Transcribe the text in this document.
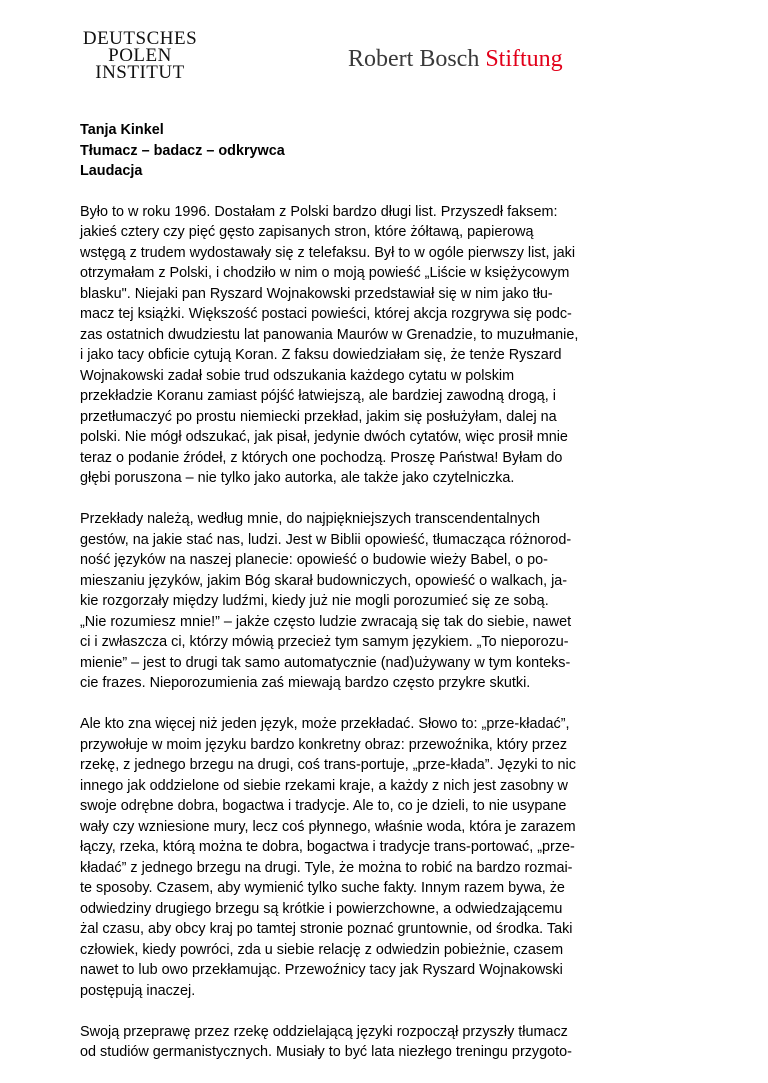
DEUTSCHES
POLEN
INSTITUT
Robert Bosch Stiftung
Tanja Kinkel
Tłumacz – badacz – odkrywca
Laudacja
Było to w roku 1996. Dostałam z Polski bardzo długi list. Przyszedł faksem:
jakieś cztery czy pięć gęsto zapisanych stron, które żółtawą, papierową
wstęgą z trudem wydostawały się z telefaksu. Był to w ogóle pierwszy list, jaki
otrzymałam z Polski, i chodziło w nim o moją powieść „Liście w księżycowym
blasku". Niejaki pan Ryszard Wojnakowski przedstawiał się w nim jako tłu-
macz tej książki. Większość postaci powieści, której akcja rozgrywa się podc-
zas ostatnich dwudziestu lat panowania Maurów w Grenadzie, to muzułmanie,
i jako tacy obficie cytują Koran. Z faksu dowiedziałam się, że tenże Ryszard
Wojnakowski zadał sobie trud odszukania każdego cytatu w polskim
przekładzie Koranu zamiast pójść łatwiejszą, ale bardziej zawodną drogą, i
przetłumaczyć po prostu niemiecki przekład, jakim się posłużyłam, dalej na
polski. Nie mógł odszukać, jak pisał, jedynie dwóch cytatów, więc prosił mnie
teraz o podanie źródeł, z których one pochodzą. Proszę Państwa! Byłam do
głębi poruszona – nie tylko jako autorka, ale także jako czytelniczka.
Przekłady należą, według mnie, do najpiękniejszych transcendentalnych
gestów, na jakie stać nas, ludzi. Jest w Biblii opowieść, tłumacząca różnorod-
ność języków na naszej planecie: opowieść o budowie wieży Babel, o po-
mieszaniu języków, jakim Bóg skarał budowniczych, opowieść o walkach, ja-
kie rozgorzały między ludźmi, kiedy już nie mogli porozumieć się ze sobą.
„Nie rozumiesz mnie!” – jakże często ludzie zwracają się tak do siebie, nawet
ci i zwłaszcza ci, którzy mówią przecież tym samym językiem. „To nieporozu-
mienie” – jest to drugi tak samo automatycznie (nad)używany w tym konteks-
cie frazes. Nieporozumienia zaś miewają bardzo często przykre skutki.
Ale kto zna więcej niż jeden język, może przekładać. Słowo to: „prze-kładać”,
przywołuje w moim języku bardzo konkretny obraz: przewoźnika, który przez
rzekę, z jednego brzegu na drugi, coś trans-portuje, „prze-kłada”. Języki to nic
innego jak oddzielone od siebie rzekami kraje, a każdy z nich jest zasobny w
swoje odrębne dobra, bogactwa i tradycje. Ale to, co je dzieli, to nie usypane
wały czy wzniesione mury, lecz coś płynnego, właśnie woda, która je zarazem
łączy, rzeka, którą można te dobra, bogactwa i tradycje trans-portować, „prze-
kładać” z jednego brzegu na drugi. Tyle, że można to robić na bardzo rozmai-
te sposoby. Czasem, aby wymienić tylko suche fakty. Innym razem bywa, że
odwiedziny drugiego brzegu są krótkie i powierzchowne, a odwiedzającemu
żal czasu, aby obcy kraj po tamtej stronie poznać gruntownie, od środka. Taki
człowiek, kiedy powróci, zda u siebie relację z odwiedzin pobieżnie, czasem
nawet to lub owo przekłamując. Przewoźnicy tacy jak Ryszard Wojnakowski
postępują inaczej.
Swoją przeprawę przez rzekę oddzielającą języki rozpoczął przyszły tłumacz
od studiów germanistycznych. Musiały to być lata niezłego treningu przygoto-
